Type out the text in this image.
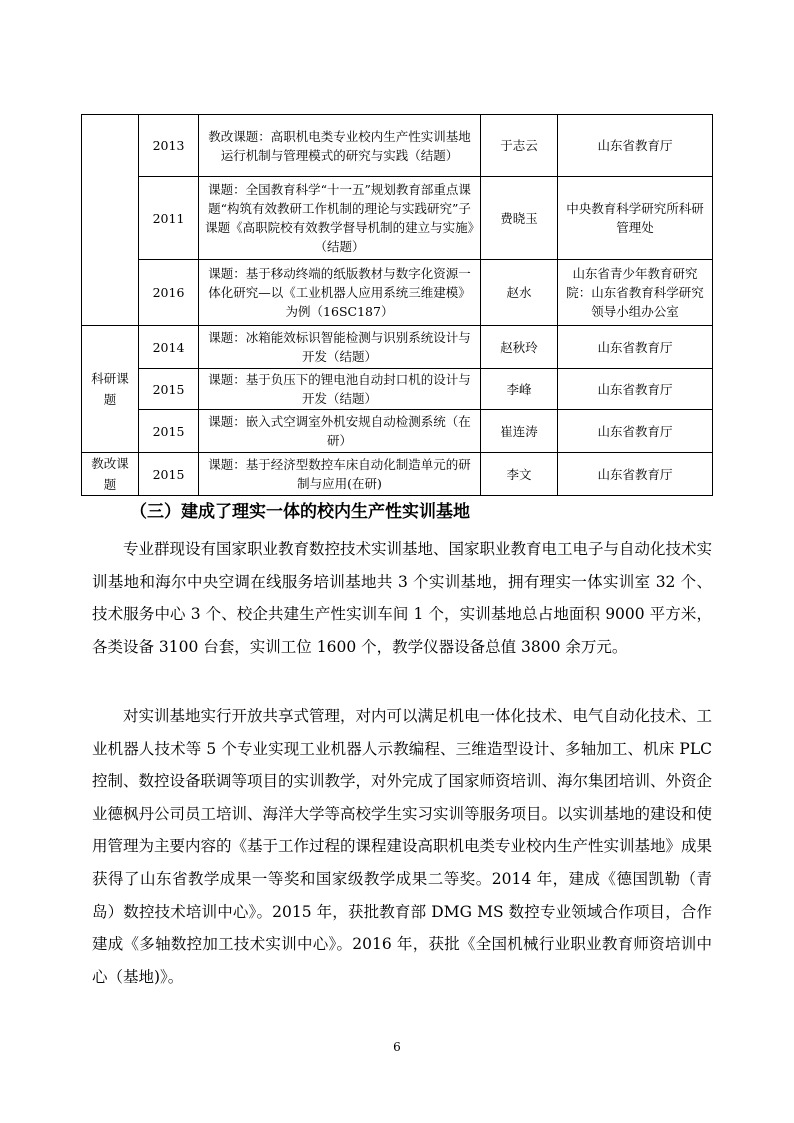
	2013	教改课题：高职机电类专业校内生产性实训基地运行机制与管理模式的研究与实践（结题）	于志云	山东省教育厅
	2011	课题：全国教育科学“十一五”规划教育部重点课题“构筑有效教研工作机制的理论与实践研究”子课题《高职院校有效教学督导机制的建立与实施》（结题）	费晓玉	中央教育科学研究所科研管理处
	2016	课题：基于移动终端的纸版教材与数字化资源一体化研究—以《工业机器人应用系统三维建模》为例（16SC187）	赵水	山东省青少年教育研究院：山东省教育科学研究领导小组办公室
科研课题	2014	课题：冰箱能效标识智能检测与识别系统设计与开发（结题）	赵秋玲	山东省教育厅
	2015	课题：基于负压下的锂电池自动封口机的设计与开发（结题）	李峰	山东省教育厅
	2015	课题：嵌入式空调室外机安规自动检测系统（在研）	崔连涛	山东省教育厅
教改课题	2015	课题：基于经济型数控车床自动化制造单元的研制与应用(在研)	李文	山东省教育厅
（三）建成了理实一体的校内生产性实训基地

专业群现设有国家职业教育数控技术实训基地、国家职业教育电工电子与自动化技术实训基地和海尔中央空调在线服务培训基地共 3 个实训基地，拥有理实一体实训室 32 个、技术服务中心 3 个、校企共建生产性实训车间 1 个，实训基地总占地面积 9000 平方米，各类设备 3100 台套，实训工位 1600 个，教学仪器设备总值 3800 余万元。

对实训基地实行开放共享式管理，对内可以满足机电一体化技术、电气自动化技术、工业机器人技术等 5 个专业实现工业机器人示教编程、三维造型设计、多轴加工、机床 PLC 控制、数控设备联调等项目的实训教学，对外完成了国家师资培训、海尔集团培训、外资企业德枫丹公司员工培训、海洋大学等高校学生实习实训等服务项目。以实训基地的建设和使用管理为主要内容的《基于工作过程的课程建设高职机电类专业校内生产性实训基地》成果获得了山东省教学成果一等奖和国家级教学成果二等奖。2014 年，建成《德国凯勒（青岛）数控技术培训中心》。2015 年，获批教育部 DMG MS 数控专业领域合作项目，合作建成《多轴数控加工技术实训中心》。2016 年，获批《全国机械行业职业教育师资培训中心（基地)》。

6
